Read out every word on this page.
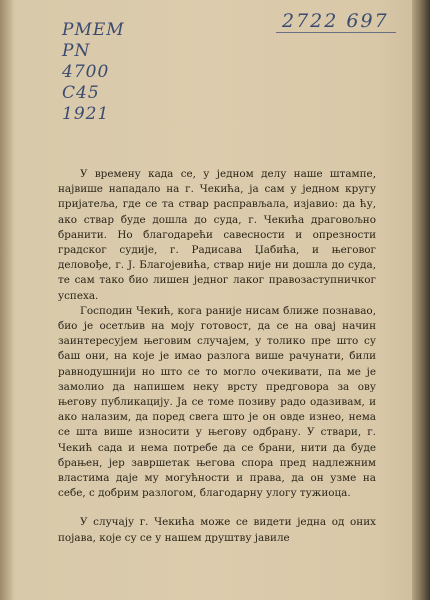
PMEM
PN
4700
C45
1921
2722 697

У времену када се, у једном делу наше штампе, највише нападало на г. Чекића, ја сам у једном кругу пријатеља, где се та ствар расправљала, изјавио: да ћу, ако ствар буде дошла до суда, г. Чекића драговољно бранити. Но благодарећи савесности и опрезности градског судије, г. Радисава Џабића, и његовог деловође, г. Ј. Благојевића, ствар није ни дошла до суда, те сам тако био лишен једног лаког правозаступничког успеха.

Господин Чекић, кога раније нисам ближе познавао, био је осетљив на моју готовост, да се на овај начин заинтересујем његовим случајем, у толико пре што су баш они, на које је имао разлога више рачунати, били равнодушнији но што се то могло очекивати, па ме је замолио да напишем неку врсту предговора за ову његову публикацију. Ја се томе позиву радо одазивам, и ако налазим, да поред свега што је он овде изнео, нема се шта више износити у његову одбрану. У ствари, г. Чекић сада и нема потребе да се брани, нити да буде брањен, јер завршетак његова спора пред надлежним властима даје му могућности и права, да он узме на себе, с добрим разлогом, благодарну улогу тужиоца.

У случају г. Чекића може се видети једна од оних појава, које су се у нашем друштву јавиле
